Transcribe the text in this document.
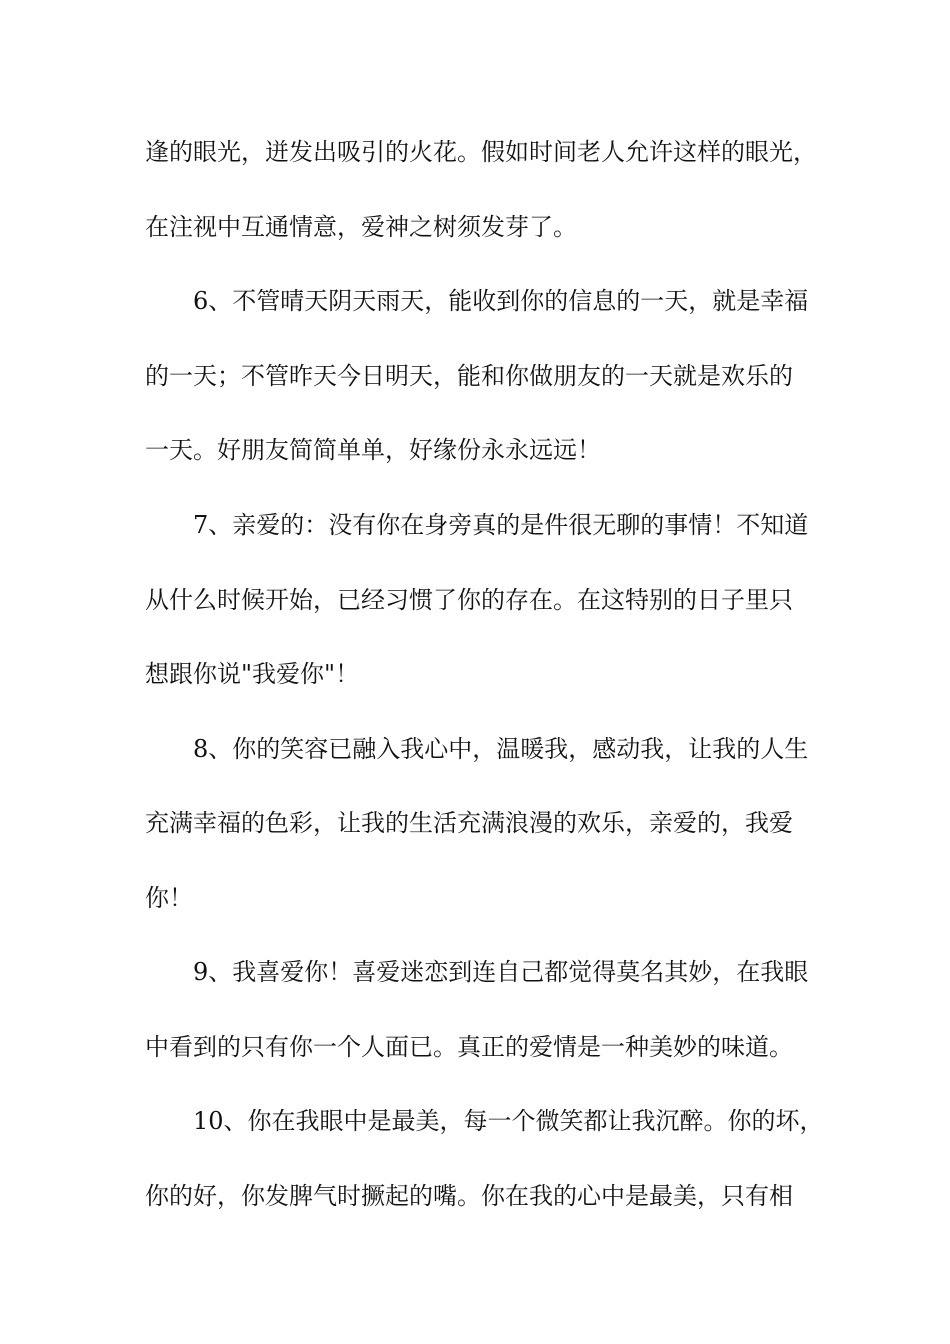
逢的眼光，迸发出吸引的火花。假如时间老人允许这样的眼光，
在注视中互通情意，爱神之树须发芽了。
6、不管晴天阴天雨天，能收到你的信息的一天，就是幸福
的一天；不管昨天今日明天，能和你做朋友的一天就是欢乐的
一天。好朋友简简单单，好缘份永永远远！
7、亲爱的：没有你在身旁真的是件很无聊的事情！不知道
从什么时候开始，已经习惯了你的存在。在这特别的日子里只
想跟你说"我爱你"！
8、你的笑容已融入我心中，温暖我，感动我，让我的人生
充满幸福的色彩，让我的生活充满浪漫的欢乐，亲爱的，我爱
你！
9、我喜爱你！喜爱迷恋到连自己都觉得莫名其妙，在我眼
中看到的只有你一个人面已。真正的爱情是一种美妙的味道。
10、你在我眼中是最美，每一个微笑都让我沉醉。你的坏，
你的好，你发脾气时撅起的嘴。你在我的心中是最美，只有相
